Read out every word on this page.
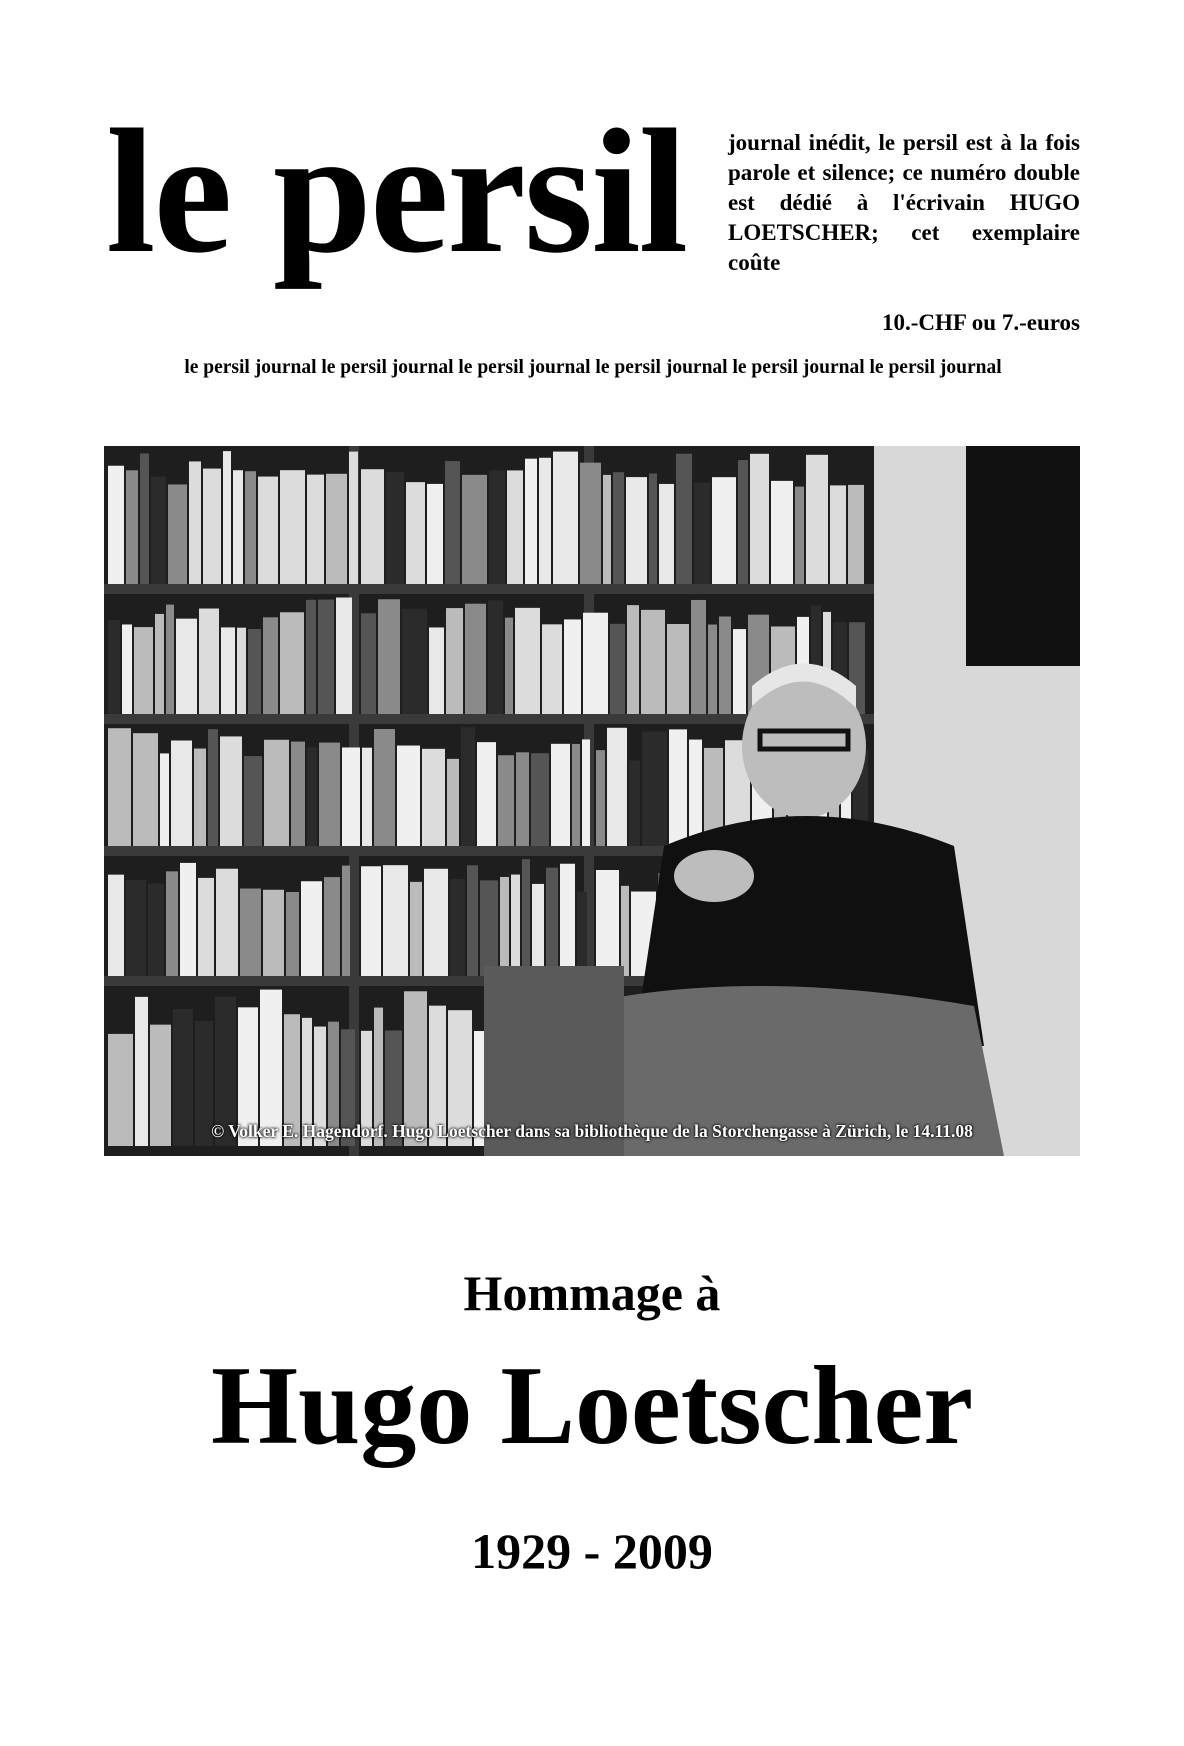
le persil journal inédit, le persil est à la fois parole et silence; ce numéro double est dédié à l'écrivain HUGO LOETSCHER; cet exemplaire coûte
10.-CHF ou 7.-euros
le persil journal le persil journal le persil journal le persil journal le persil journal le persil journal
© Volker E. Hagendorf. Hugo Loetscher dans sa bibliothèque de la Storchengasse à Zürich, le 14.11.08
Hommage à
Hugo Loetscher
1929 - 2009
